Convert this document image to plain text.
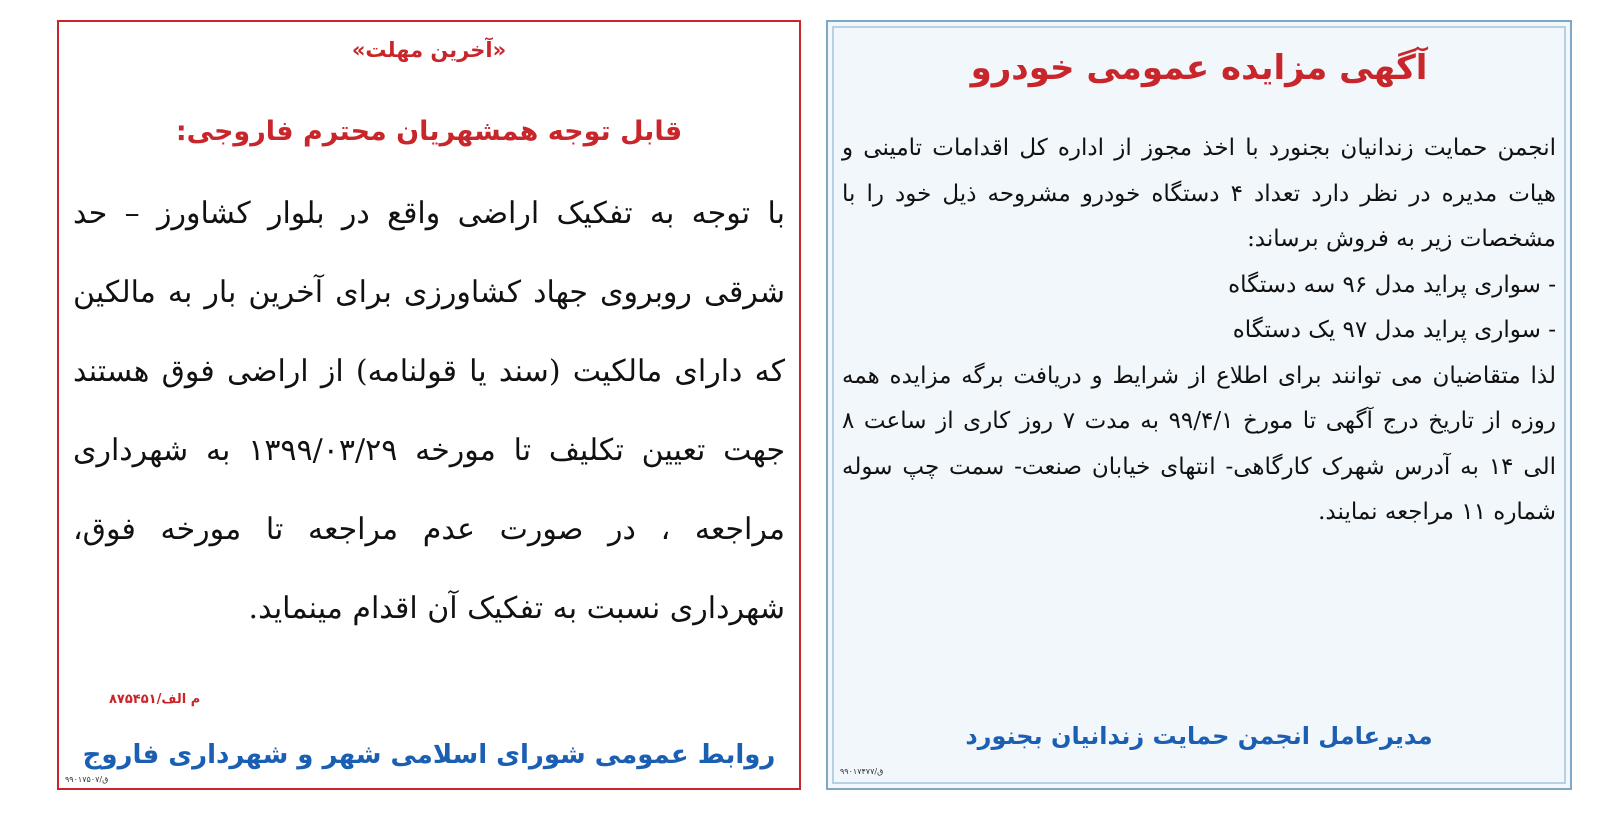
«آخرین مهلت»
قابل توجه همشهریان محترم فاروجی:
با توجه به تفکیک اراضی واقع در بلوار کشاورز – حد شرقی روبروی جهاد کشاورزی برای آخرین بار به مالکین که دارای مالکیت (سند یا قولنامه) از اراضی فوق هستند جهت تعیین تکلیف تا مورخه ۱۳۹۹/۰۳/۲۹ به شهرداری مراجعه ، در صورت عدم مراجعه تا مورخه فوق، شهرداری نسبت به تفکیک آن اقدام مینماید.
م الف/۸۷۵۴۵۱
روابط عمومی شورای اسلامی شهر و شهرداری فاروج
۹۹۰۱۷۵۰۷/ق
آگهی مزایده عمومی خودرو

انجمن حمایت زندانیان بجنورد با اخذ مجوز از اداره کل اقدامات تامینی و هیات مدیره در نظر دارد تعداد ۴ دستگاه خودرو مشروحه ذیل خود را با مشخصات زیر به فروش برساند:

- سواری پراید مدل ۹۶ سه دستگاه

- سواری پراید مدل ۹۷ یک دستگاه

لذا متقاضیان می توانند برای اطلاع از شرایط و دریافت برگه مزایده همه روزه از تاریخ درج آگهی تا مورخ ۹۹/۴/۱ به مدت ۷ روز کاری از ساعت ۸ الی ۱۴ به آدرس شهرک کارگاهی- انتهای خیابان صنعت- سمت چپ سوله شماره ۱۱ مراجعه نمایند.

مدیرعامل انجمن حمایت زندانیان بجنورد
۹۹۰۱۷۴۷۷/ق
